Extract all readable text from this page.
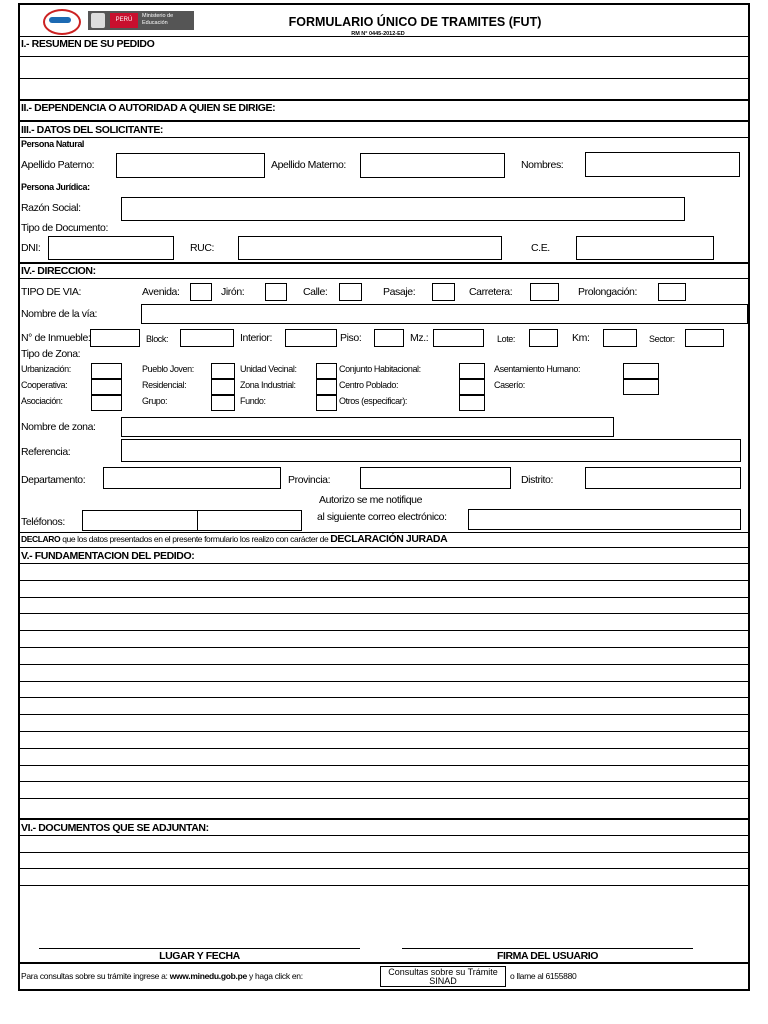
PERÚ
Ministerio de Educación	FORMULARIO ÚNICO DE TRAMITES (FUT)
RM N° 0445-2012-ED
I.- RESUMEN DE SU PEDIDO
II.- DEPENDENCIA O AUTORIDAD A QUIEN SE DIRIGE:
III.- DATOS DEL SOLICITANTE:
Persona Natural
Apellido Paterno:	Apellido Materno:	Nombres:
Persona Jurídica:
Razón Social:
Tipo de Documento:
DNI:	RUC:	C.E.
IV.- DIRECCION:
TIPO DE VIA:	Avenida:	Jirón:	Calle:	Pasaje:	Carretera:	Prolongación:
Nombre de la vía:
N° de Inmueble:	Block:	Interior:	Piso:	Mz.:	Lote:	Km:	Sector:
Tipo de Zona:
Urbanización:	Pueblo Joven:	Unidad Vecinal:	Conjunto Habitacional:	Asentamiento Humano:
Cooperativa:	Residencial:	Zona Industrial:	Centro Poblado:	Caserío:
Asociación:	Grupo:	Fundo:	Otros (especificar):
Nombre de zona:
Referencia:
Departamento:	Provincia:	Distrito:
Autorizo se me notifique
al siguiente correo electrónico:
Teléfonos:
DECLARO que los datos presentados en el presente formulario los realizo con carácter de DECLARACIÓN JURADA
V.- FUNDAMENTACION DEL PEDIDO:
VI.- DOCUMENTOS QUE SE ADJUNTAN:
LUGAR Y FECHA	FIRMA DEL USUARIO
Para consultas sobre su trámite ingrese a: www.minedu.gob.pe y haga click en:	Consultas sobre su Trámite SINAD	o llame al 6155880
